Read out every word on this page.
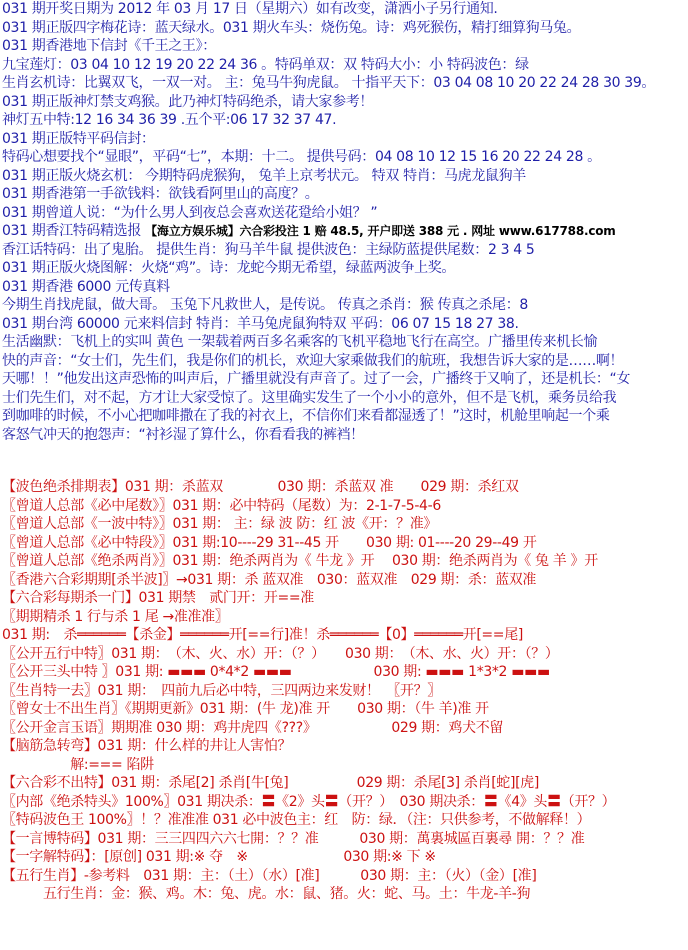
031 期开奖日期为 2012 年 03 月 17 日（星期六）如有改变，潇洒小子另行通知.
031 期正版四字梅花诗：蓝天绿水。031 期火车头：烧伤兔。诗：鸡死猴伤，精打细算狗马兔。
031 期香港地下信封《千王之王》：
九宝莲灯：03 04 10 12 19 20 22 24 36 。特码单双：双 特码大小：小 特码波色：绿
生肖玄机诗：比翼双飞，一双一对。 主：兔马牛狗虎鼠。 十指平天下：03 04 08 10 20 22 24 28 30 39。
031 期正版神灯禁支鸡猴。此乃神灯特码绝杀，请大家参考！
神灯五中特:12 16 34 36 39 .五个平:06 17 32 37 47.
031 期正版特平码信封：
特码心想要找个“显眼”，平码“七”，本期：十二。 提供号码：04 08 10 12 15 16 20 22 24 28 。
031 期正版火烧玄机： 今期特码虎猴狗， 兔羊上京考状元。 特双 特肖：马虎龙鼠狗羊
031 期香港第一手欲钱料：欲钱看阿里山的高度？。
031 期曾道人说：“为什么男人到夜总会喜欢送花跫给小姐？ ”
031 期香江特码精选报 【海立方娱乐城】六合彩投注 1 赔 48.5, 开户即送 388 元 . 网址 www.617788.com
香江话特码：出了鬼胎。 提供生肖：狗马羊牛鼠 提供波色：主绿防蓝提供尾数：2 3 4 5
031 期正版火烧图解：火烧“鸡”。诗：龙蛇今期无希望，绿蓝两波争上奖。
031 期香港 6000 元传真料
今期生肖找虎鼠，做大哥。 玉兔下凡救世人，是传说。 传真之杀肖：猴 传真之杀尾：8
031 期台湾 60000 元来料信封 特肖：羊马兔虎鼠狗特双 平码：06 07 15 18 27 38.
生活幽默：飞机上的实叫 黄色 一架载着两百多名乘客的飞机平稳地飞行在高空。广播里传来机长愉
快的声音：“女士们，先生们，我是你们的机长，欢迎大家乘做我们的航班，我想告诉大家的是……啊！
天哪！！”他发出这声恐怖的叫声后，广播里就没有声音了。过了一会，广播终于又响了，还是机长：“女
士们先生们，对不起，方才让大家受惊了。这里确实发生了一个小小的意外，但不是飞机，乘务员给我
到咖啡的时候，不小心把咖啡撒在了我的衬衣上，不信你们来看都湿透了！”这时，机舱里响起一个乘
客怒气冲天的抱怨声：“衬衫湿了算什么，你看看我的裤裆！
【波色绝杀排期表】031 期：杀蓝双　　　　030 期：杀蓝双 准　　029 期：杀红双
〖曾道人总部《必中尾数》〗031 期：必中特码（尾数）为：2-1-7-5-4-6
〖曾道人总部《一波中特》〗031 期： 主：绿 波 防：红 波《开：？准》
〖曾道人总部《必中特段》〗031 期:10----29 31--45 开　　030 期: 01----20 29--49 开
〖曾道人总部《绝杀两肖》〗031 期：绝杀两肖为《 牛龙 》开　 030 期：绝杀两肖为《 兔 羊 》开
〖香港六合彩期期[杀半波]〗→031 期：杀 蓝双准　030：蓝双准　029 期：杀：蓝双准
【六合彩每期杀一门】031 期禁　贰门开：开==准
〖期期精杀 1 行与杀 1 尾 →准准准〗
031 期:　杀══════【杀金】══════开[==行]准！杀══════【0】══════开[==尾]
〖公开五行中特〗031 期：　（木、火、水）开：（？）　　030 期：　（木、水、火）开：（？）
〖公开三头中特 〗031 期: ▬▬▬ 0*4*2 ▬▬▬　　　　　　030 期: ▬▬▬ 1*3*2 ▬▬▬
〖生肖特一去〗031 期：　四前九后必中特，三四两边来发财！　〖开？〗
〖曾女士不出生肖〗《期期更新》031 期：(牛 龙)准 开　　030 期：（牛 羊)准 开
〖公开金言玉语〗期期准 030 期：鸡井虎四《???》　　　　　　029 期：鸡犬不留
【脑筋急转弯】031 期：什么样的井让人害怕？
　　　　　解:=== 陷阱
【六合彩不出特】031 期：杀尾[2] 杀肖[牛[兔]　　　　　029 期：杀尾[3] 杀肖[蛇][虎]
〖内部《绝杀特头》100%〗031 期决杀：〓《2》头〓（开？）　030 期决杀：〓《4》头〓（开？）
〖特码波色王 100%〗！？准准准 031 必中波色主：红　防：绿．（注：只供参考，不做解释！）
【一言博特码】031 期：三三四四六六七開：？？准　　　030 期：萬裏城區百裏尋 開：？？准
【一字解特码】：[原创] 031 期:※ 夺　※　　　　　　　030 期:※ 下 ※
【五行生肖】-参考料　031 期：主：（土）（水）[准]　　　030 期：主：（火）（金）[准]
　　　五行生肖：金：猴、鸡。木：兔、虎。水：鼠、猪。火：蛇、马。土：牛龙-羊-狗
